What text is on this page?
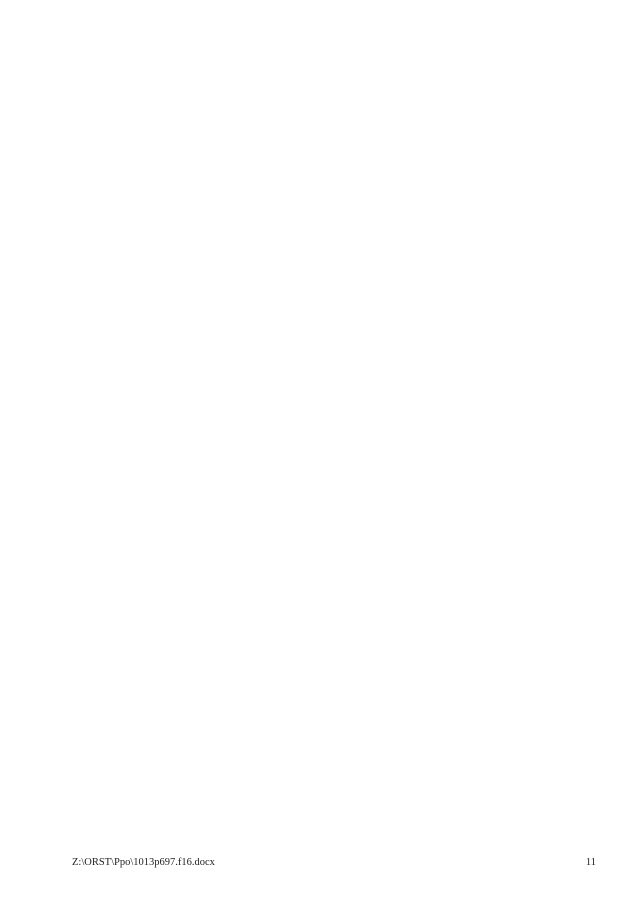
Z:\ORST\Ppo\1013p697.f16.docx	11
